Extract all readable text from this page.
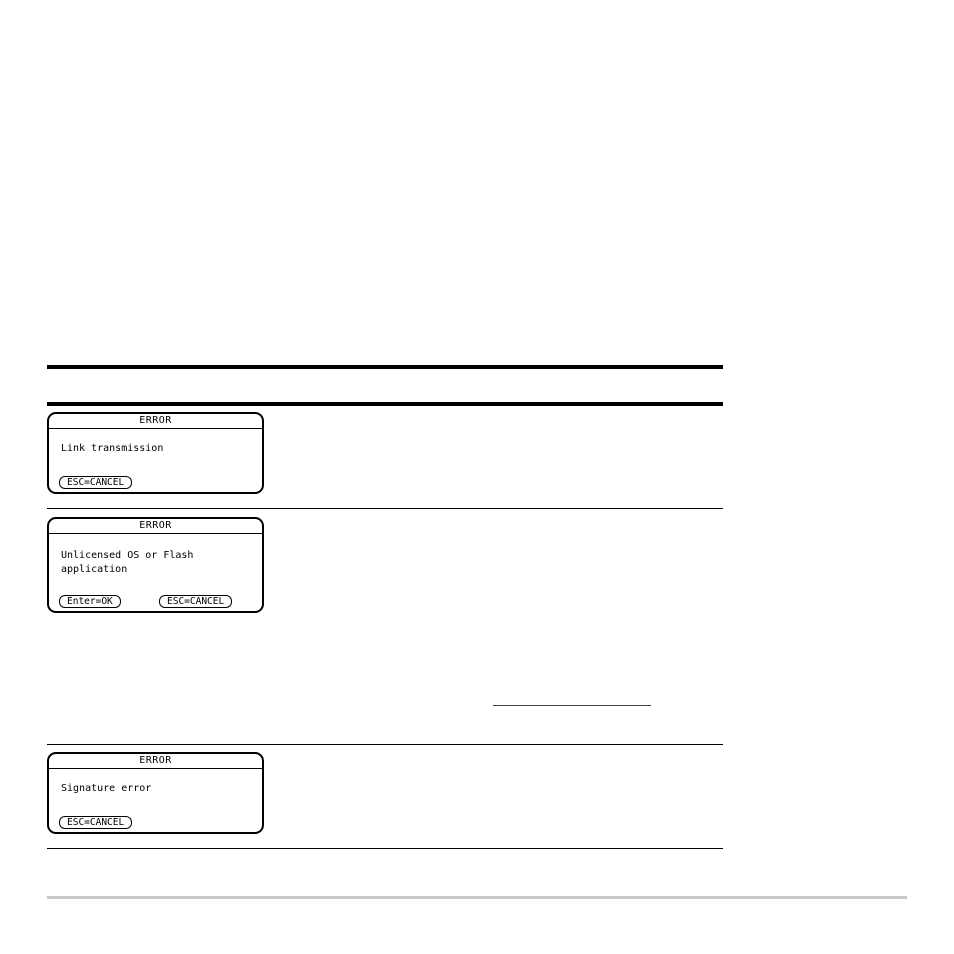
ERROR
Link transmission
ESC=CANCEL
ERROR
Unlicensed OS or Flash
application
Enter=OK	ESC=CANCEL
ERROR
Signature error
ESC=CANCEL
